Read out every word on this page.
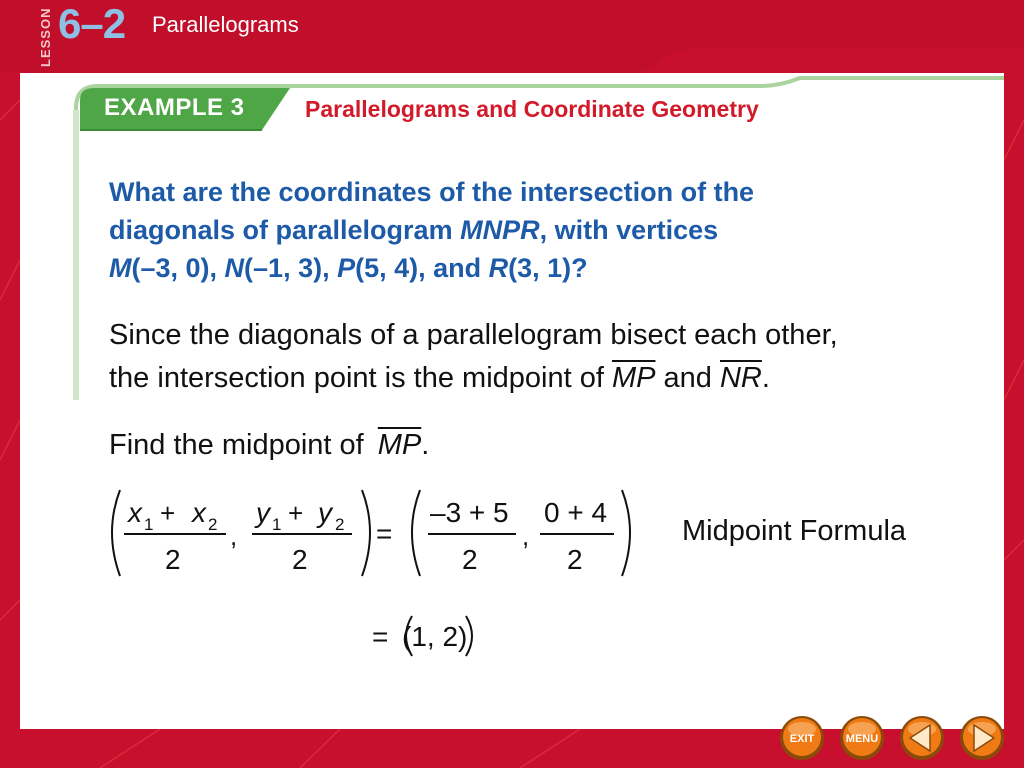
LESSON 6–2 Parallelograms
EXAMPLE 3	Parallelograms and Coordinate Geometry
What are the coordinates of the intersection of the
diagonals of parallelogram MNPR, with vertices
M(–3, 0), N(–1, 3), P(5, 4), and R(3, 1)?
Since the diagonals of a parallelogram bisect each other,
the intersection point is the midpoint of $\overline{MP}$ and $\overline{NR}$.
Find the midpoint of $\overline{MP}$.
x 1 + x 2
2
,
y 1 + y 2
2
=
–3 + 5
2
,
0 + 4
2
Midpoint Formula
= (1, 2)
EXIT	MENU
